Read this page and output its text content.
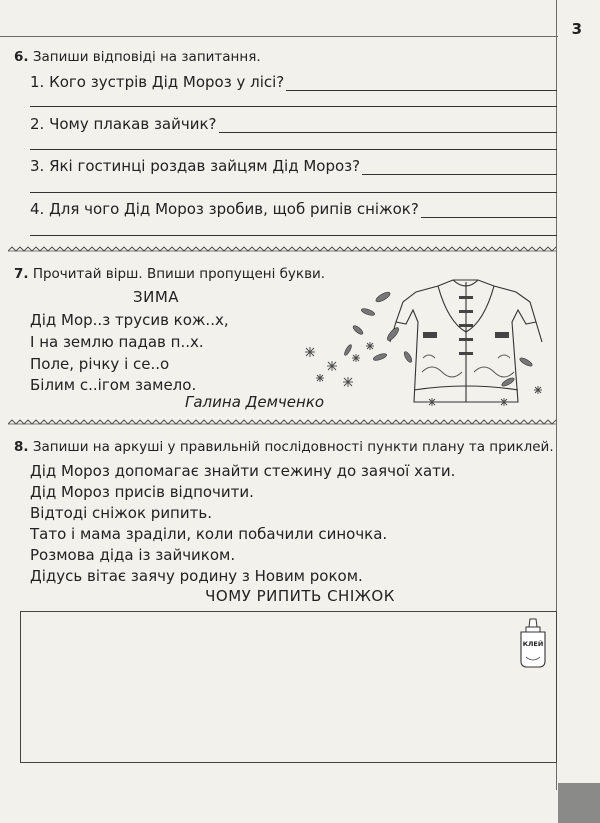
3
6. Запиши відповіді на запитання.
1. Кого зустрів Дід Мороз у лісі?
2. Чому плакав зайчик?
3. Які гостинці роздав зайцям Дід Мороз?
4. Для чого Дід Мороз зробив, щоб рипів сніжок?
7. Прочитай вірш. Впиши пропущені букви.
ЗИМА
Дід Мор..з трусив кож..х,
І на землю падав п..х.
Поле, річку і се..о
Білим с..ігом замело.
Галина Демченко
8. Запиши на аркуші у правильній послідовності пункти плану та приклей.
Дід Мороз допомагає знайти стежину до заячої хати.
Дід Мороз присів відпочити.
Відтоді сніжок рипить.
Тато і мама зраділи, коли побачили синочка.
Розмова діда із зайчиком.
Дідусь вітає заячу родину з Новим роком.
ЧОМУ РИПИТЬ СНІЖОК
КЛЕЙ
